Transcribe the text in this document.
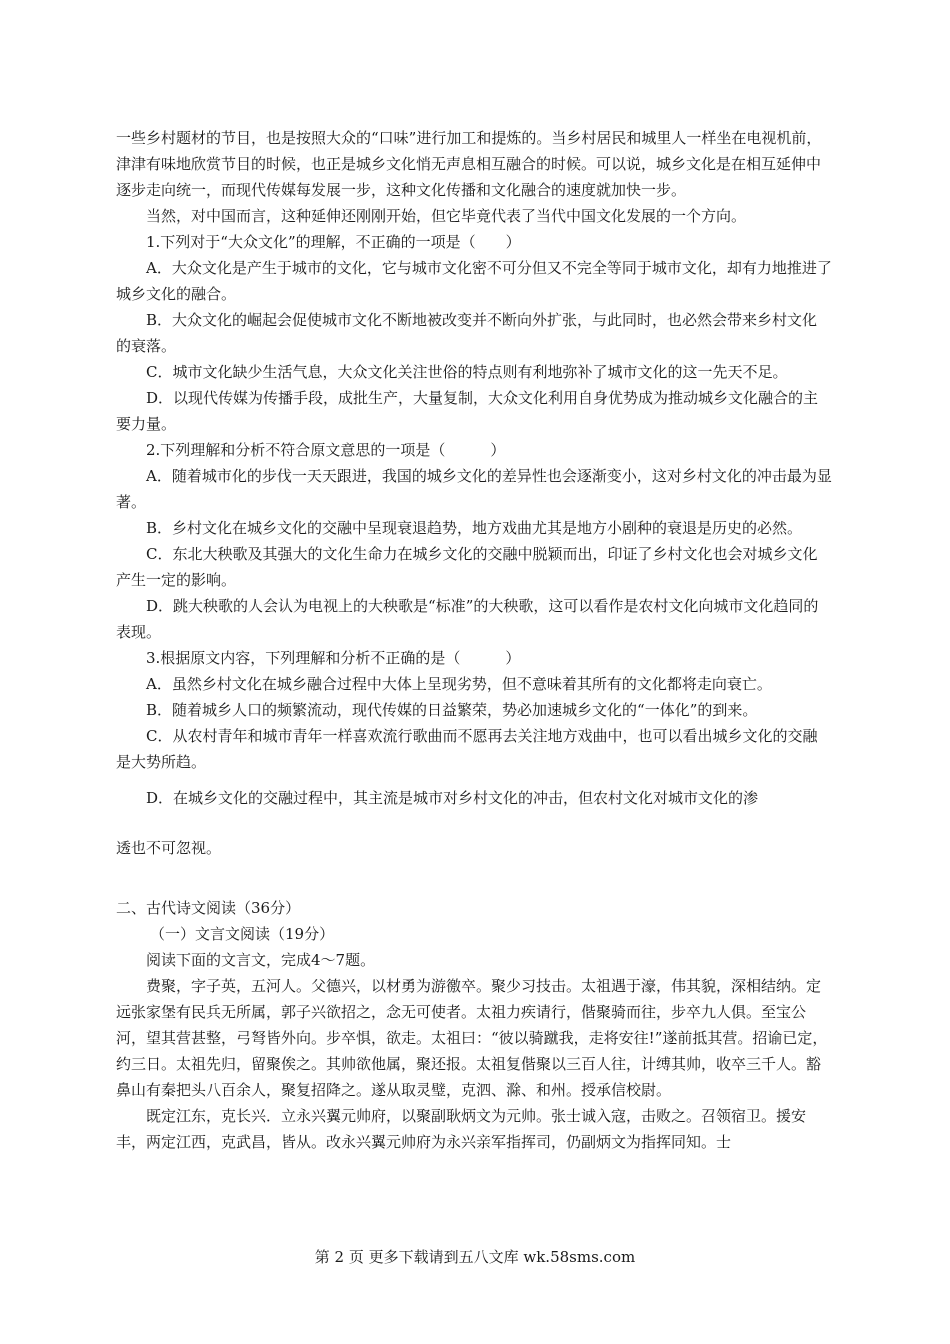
一些乡村题材的节目，也是按照大众的“口味”进行加工和提炼的。当乡村居民和城里人一样坐在电视机前，津津有味地欣赏节目的时候，也正是城乡文化悄无声息相互融合的时候。可以说，城乡文化是在相互延伸中逐步走向统一，而现代传媒每发展一步，这种文化传播和文化融合的速度就加快一步。

当然，对中国而言，这种延伸还刚刚开始，但它毕竟代表了当代中国文化发展的一个方向。

1.下列对于“大众文化”的理解，不正确的一项是（　　）

A．大众文化是产生于城市的文化，它与城市文化密不可分但又不完全等同于城市文化，却有力地推进了城乡文化的融合。

B．大众文化的崛起会促使城市文化不断地被改变并不断向外扩张，与此同时，也必然会带来乡村文化的衰落。

C．城市文化缺少生活气息，大众文化关注世俗的特点则有利地弥补了城市文化的这一先天不足。

D．以现代传媒为传播手段，成批生产，大量复制，大众文化利用自身优势成为推动城乡文化融合的主要力量。

2.下列理解和分析不符合原文意思的一项是（　　　）

A．随着城市化的步伐一天天跟进，我国的城乡文化的差异性也会逐渐变小，这对乡村文化的冲击最为显著。

B．乡村文化在城乡文化的交融中呈现衰退趋势，地方戏曲尤其是地方小剧种的衰退是历史的必然。

C．东北大秧歌及其强大的文化生命力在城乡文化的交融中脱颖而出，印证了乡村文化也会对城乡文化产生一定的影响。

D．跳大秧歌的人会认为电视上的大秧歌是“标准”的大秧歌，这可以看作是农村文化向城市文化趋同的表现。

3.根据原文内容，下列理解和分析不正确的是（　　　）

A．虽然乡村文化在城乡融合过程中大体上呈现劣势，但不意味着其所有的文化都将走向衰亡。

B．随着城乡人口的频繁流动，现代传媒的日益繁荣，势必加速城乡文化的“一体化”的到来。

C．从农村青年和城市青年一样喜欢流行歌曲而不愿再去关注地方戏曲中，也可以看出城乡文化的交融是大势所趋。

D．在城乡文化的交融过程中，其主流是城市对乡村文化的冲击，但农村文化对城市文化的渗

透也不可忽视。

二、古代诗文阅读（36分）

（一）文言文阅读（19分）

阅读下面的文言文，完成4～7题。

费聚，字子英，五河人。父德兴，以材勇为游徼卒。聚少习技击。太祖遇于濠，伟其貌，深相结纳。定远张家堡有民兵无所属，郭子兴欲招之，念无可使者。太祖力疾请行，偕聚骑而往，步卒九人俱。至宝公河，望其营甚整，弓弩皆外向。步卒惧，欲走。太祖曰：“彼以骑蹴我，走将安往!”遂前抵其营。招谕已定，约三日。太祖先归，留聚俟之。其帅欲他属，聚还报。太祖复偕聚以三百人往，计缚其帅，收卒三千人。豁鼻山有秦把头八百余人，聚复招降之。遂从取灵璧，克泗、滁、和州。授承信校尉。

既定江东，克长兴．立永兴翼元帅府，以聚副耿炳文为元帅。张士诚入寇，击败之。召领宿卫。援安丰，两定江西，克武昌，皆从。改永兴翼元帅府为永兴亲军指挥司，仍副炳文为指挥同知。士

第 2 页 更多下载请到五八文库 wk.58sms.com
